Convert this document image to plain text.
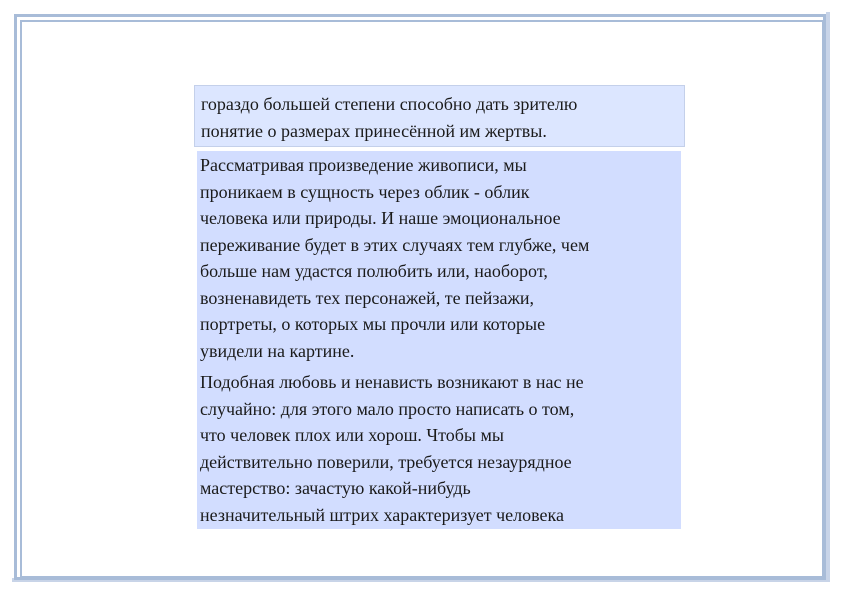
гораздо большей степени способно дать зрителю
понятие о размерах принесённой им жертвы.

Рассматривая произведение живописи, мы
проникаем в сущность через облик - облик
человека или природы. И наше эмоциональное
переживание будет в этих случаях тем глубже, чем
больше нам удастся полюбить или, наоборот,
возненавидеть тех персонажей, те пейзажи,
портреты, о которых мы прочли или которые
увидели на картине.

Подобная любовь и ненависть возникают в нас не
случайно: для этого мало просто написать о том,
что человек плох или хорош. Чтобы мы
действительно поверили, требуется незаурядное
мастерство: зачастую какой-нибудь
незначительный штрих характеризует человека
